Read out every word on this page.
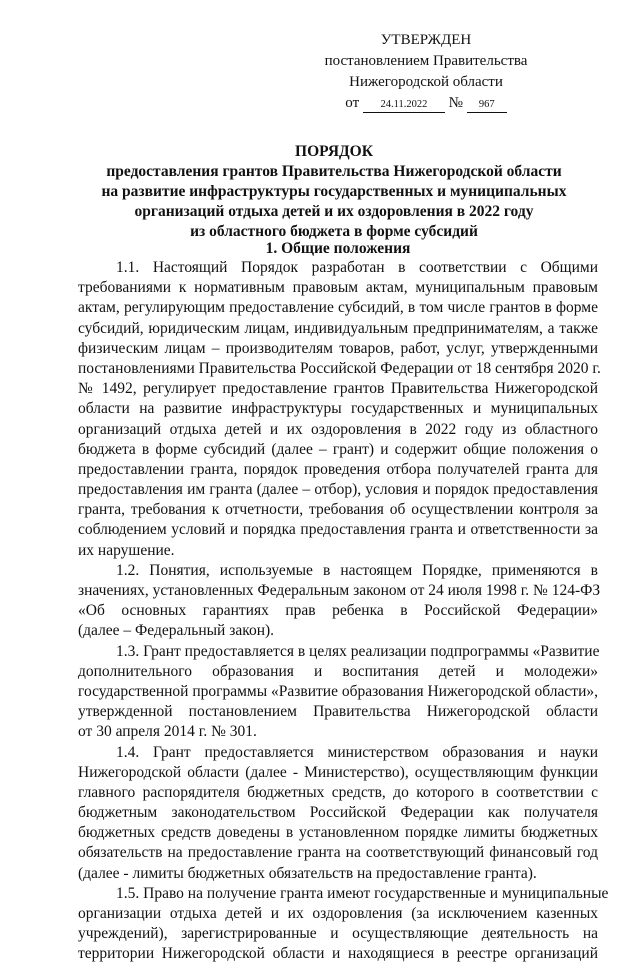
УТВЕРЖДЕН
постановлением Правительства
Нижегородской области
от 24.11.2022 № 967
ПОРЯДОК
предоставления грантов Правительства Нижегородской области
на развитие инфраструктуры государственных и муниципальных
организаций отдыха детей и их оздоровления в 2022 году
из областного бюджета в форме субсидий
1. Общие положения
1.1. Настоящий Порядок разработан в соответствии с Общими
требованиями к нормативным правовым актам, муниципальным правовым
актам, регулирующим предоставление субсидий, в том числе грантов в форме
субсидий, юридическим лицам, индивидуальным предпринимателям, а также
физическим лицам – производителям товаров, работ, услуг, утвержденными
постановлениями Правительства Российской Федерации от 18 сентября 2020 г.
№ 1492, регулирует предоставление грантов Правительства Нижегородской
области на развитие инфраструктуры государственных и муниципальных
организаций отдыха детей и их оздоровления в 2022 году из областного
бюджета в форме субсидий (далее – грант) и содержит общие положения о
предоставлении гранта, порядок проведения отбора получателей гранта для
предоставления им гранта (далее – отбор), условия и порядок предоставления
гранта, требования к отчетности, требования об осуществлении контроля за
соблюдением условий и порядка предоставления гранта и ответственности за
их нарушение.
1.2. Понятия, используемые в настоящем Порядке, применяются в
значениях, установленных Федеральным законом от 24 июля 1998 г. № 124-ФЗ
«Об основных гарантиях прав ребенка в Российской Федерации»
(далее – Федеральный закон).
1.3. Грант предоставляется в целях реализации подпрограммы «Развитие
дополнительного образования и воспитания детей и молодежи»
государственной программы «Развитие образования Нижегородской области»,
утвержденной постановлением Правительства Нижегородской области
от 30 апреля 2014 г. № 301.
1.4. Грант предоставляется министерством образования и науки
Нижегородской области (далее - Министерство), осуществляющим функции
главного распорядителя бюджетных средств, до которого в соответствии с
бюджетным законодательством Российской Федерации как получателя
бюджетных средств доведены в установленном порядке лимиты бюджетных
обязательств на предоставление гранта на соответствующий финансовый год
(далее - лимиты бюджетных обязательств на предоставление гранта).
1.5. Право на получение гранта имеют государственные и муниципальные
организации отдыха детей и их оздоровления (за исключением казенных
учреждений), зарегистрированные и осуществляющие деятельность на
территории Нижегородской области и находящиеся в реестре организаций
